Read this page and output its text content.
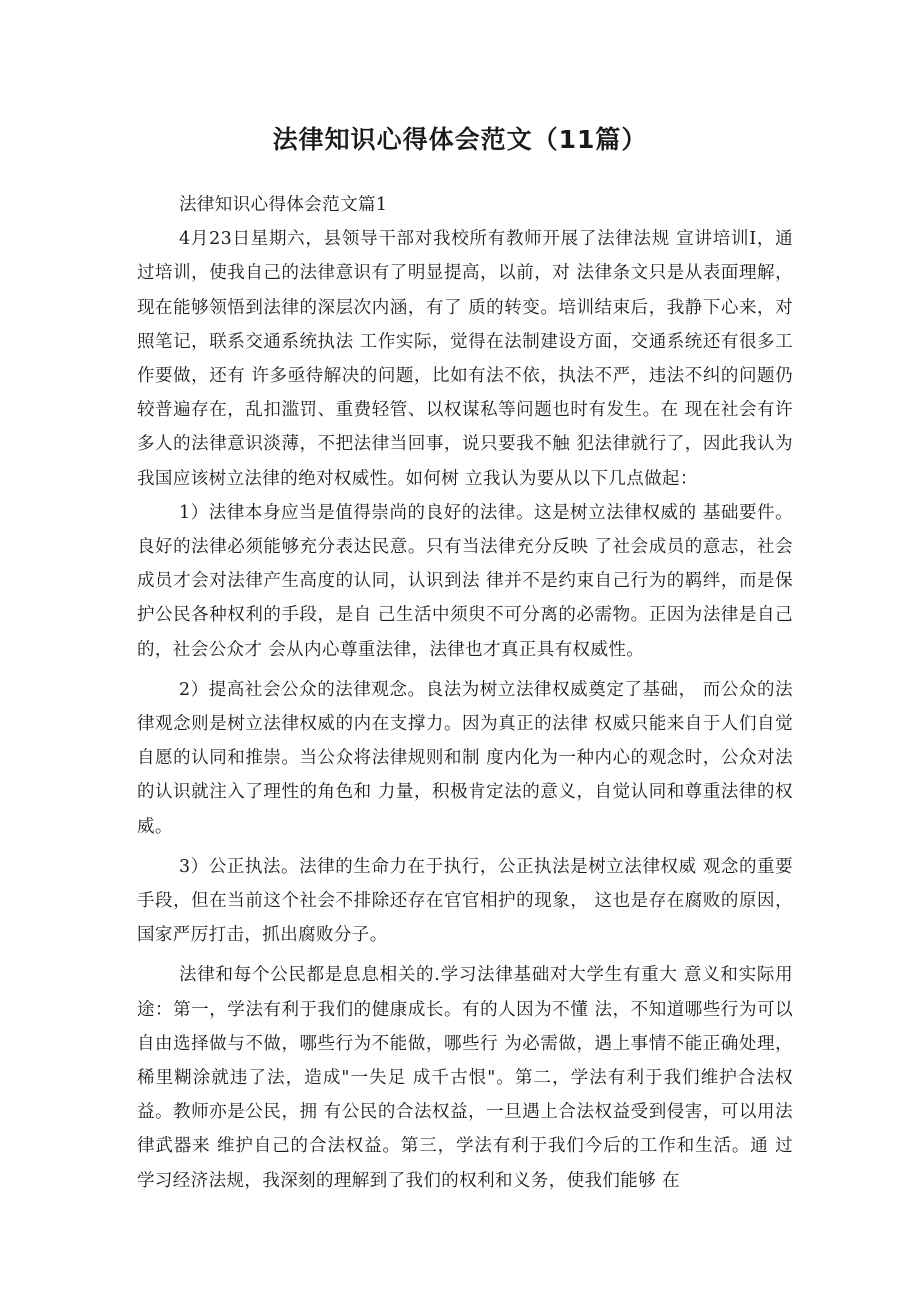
法律知识心得体会范文（11篇）

法律知识心得体会范文篇1

4月23日星期六，县领导干部对我校所有教师开展了法律法规 宣讲培训I，通过培训，使我自己的法律意识有了明显提高，以前，对 法律条文只是从表面理解，现在能够领悟到法律的深层次内涵，有了 质的转变。培训结束后，我静下心来，对照笔记，联系交通系统执法 工作实际，觉得在法制建设方面，交通系统还有很多工作要做，还有 许多亟待解决的问题，比如有法不依，执法不严，违法不纠的问题仍 较普遍存在，乱扣滥罚、重费轻管、以权谋私等问题也时有发生。在 现在社会有许多人的法律意识淡薄，不把法律当回事，说只要我不触 犯法律就行了，因此我认为我国应该树立法律的绝对权威性。如何树 立我认为要从以下几点做起：

1）法律本身应当是值得崇尚的良好的法律。这是树立法律权威的 基础要件。良好的法律必须能够充分表达民意。只有当法律充分反映 了社会成员的意志，社会成员才会对法律产生高度的认同，认识到法 律并不是约束自己行为的羁绊，而是保护公民各种权利的手段，是自 己生活中须臾不可分离的必需物。正因为法律是自己的，社会公众才 会从内心尊重法律，法律也才真正具有权威性。

2）提高社会公众的法律观念。良法为树立法律权威奠定了基础， 而公众的法律观念则是树立法律权威的内在支撑力。因为真正的法律 权威只能来自于人们自觉自愿的认同和推崇。当公众将法律规则和制 度内化为一种内心的观念时，公众对法的认识就注入了理性的角色和 力量，积极肯定法的意义，自觉认同和尊重法律的权威。

3）公正执法。法律的生命力在于执行，公正执法是树立法律权威 观念的重要手段，但在当前这个社会不排除还存在官官相护的现象， 这也是存在腐败的原因，国家严厉打击，抓出腐败分子。

法律和每个公民都是息息相关的.学习法律基础对大学生有重大 意义和实际用途：第一，学法有利于我们的健康成长。有的人因为不懂 法，不知道哪些行为可以自由选择做与不做，哪些行为不能做，哪些行 为必需做，遇上事情不能正确处理，稀里糊涂就违了法，造成"一失足 成千古恨"。第二，学法有利于我们维护合法权益。教师亦是公民，拥 有公民的合法权益，一旦遇上合法权益受到侵害，可以用法律武器来 维护自己的合法权益。第三，学法有利于我们今后的工作和生活。通 过学习经济法规，我深刻的理解到了我们的权利和义务，使我们能够 在
